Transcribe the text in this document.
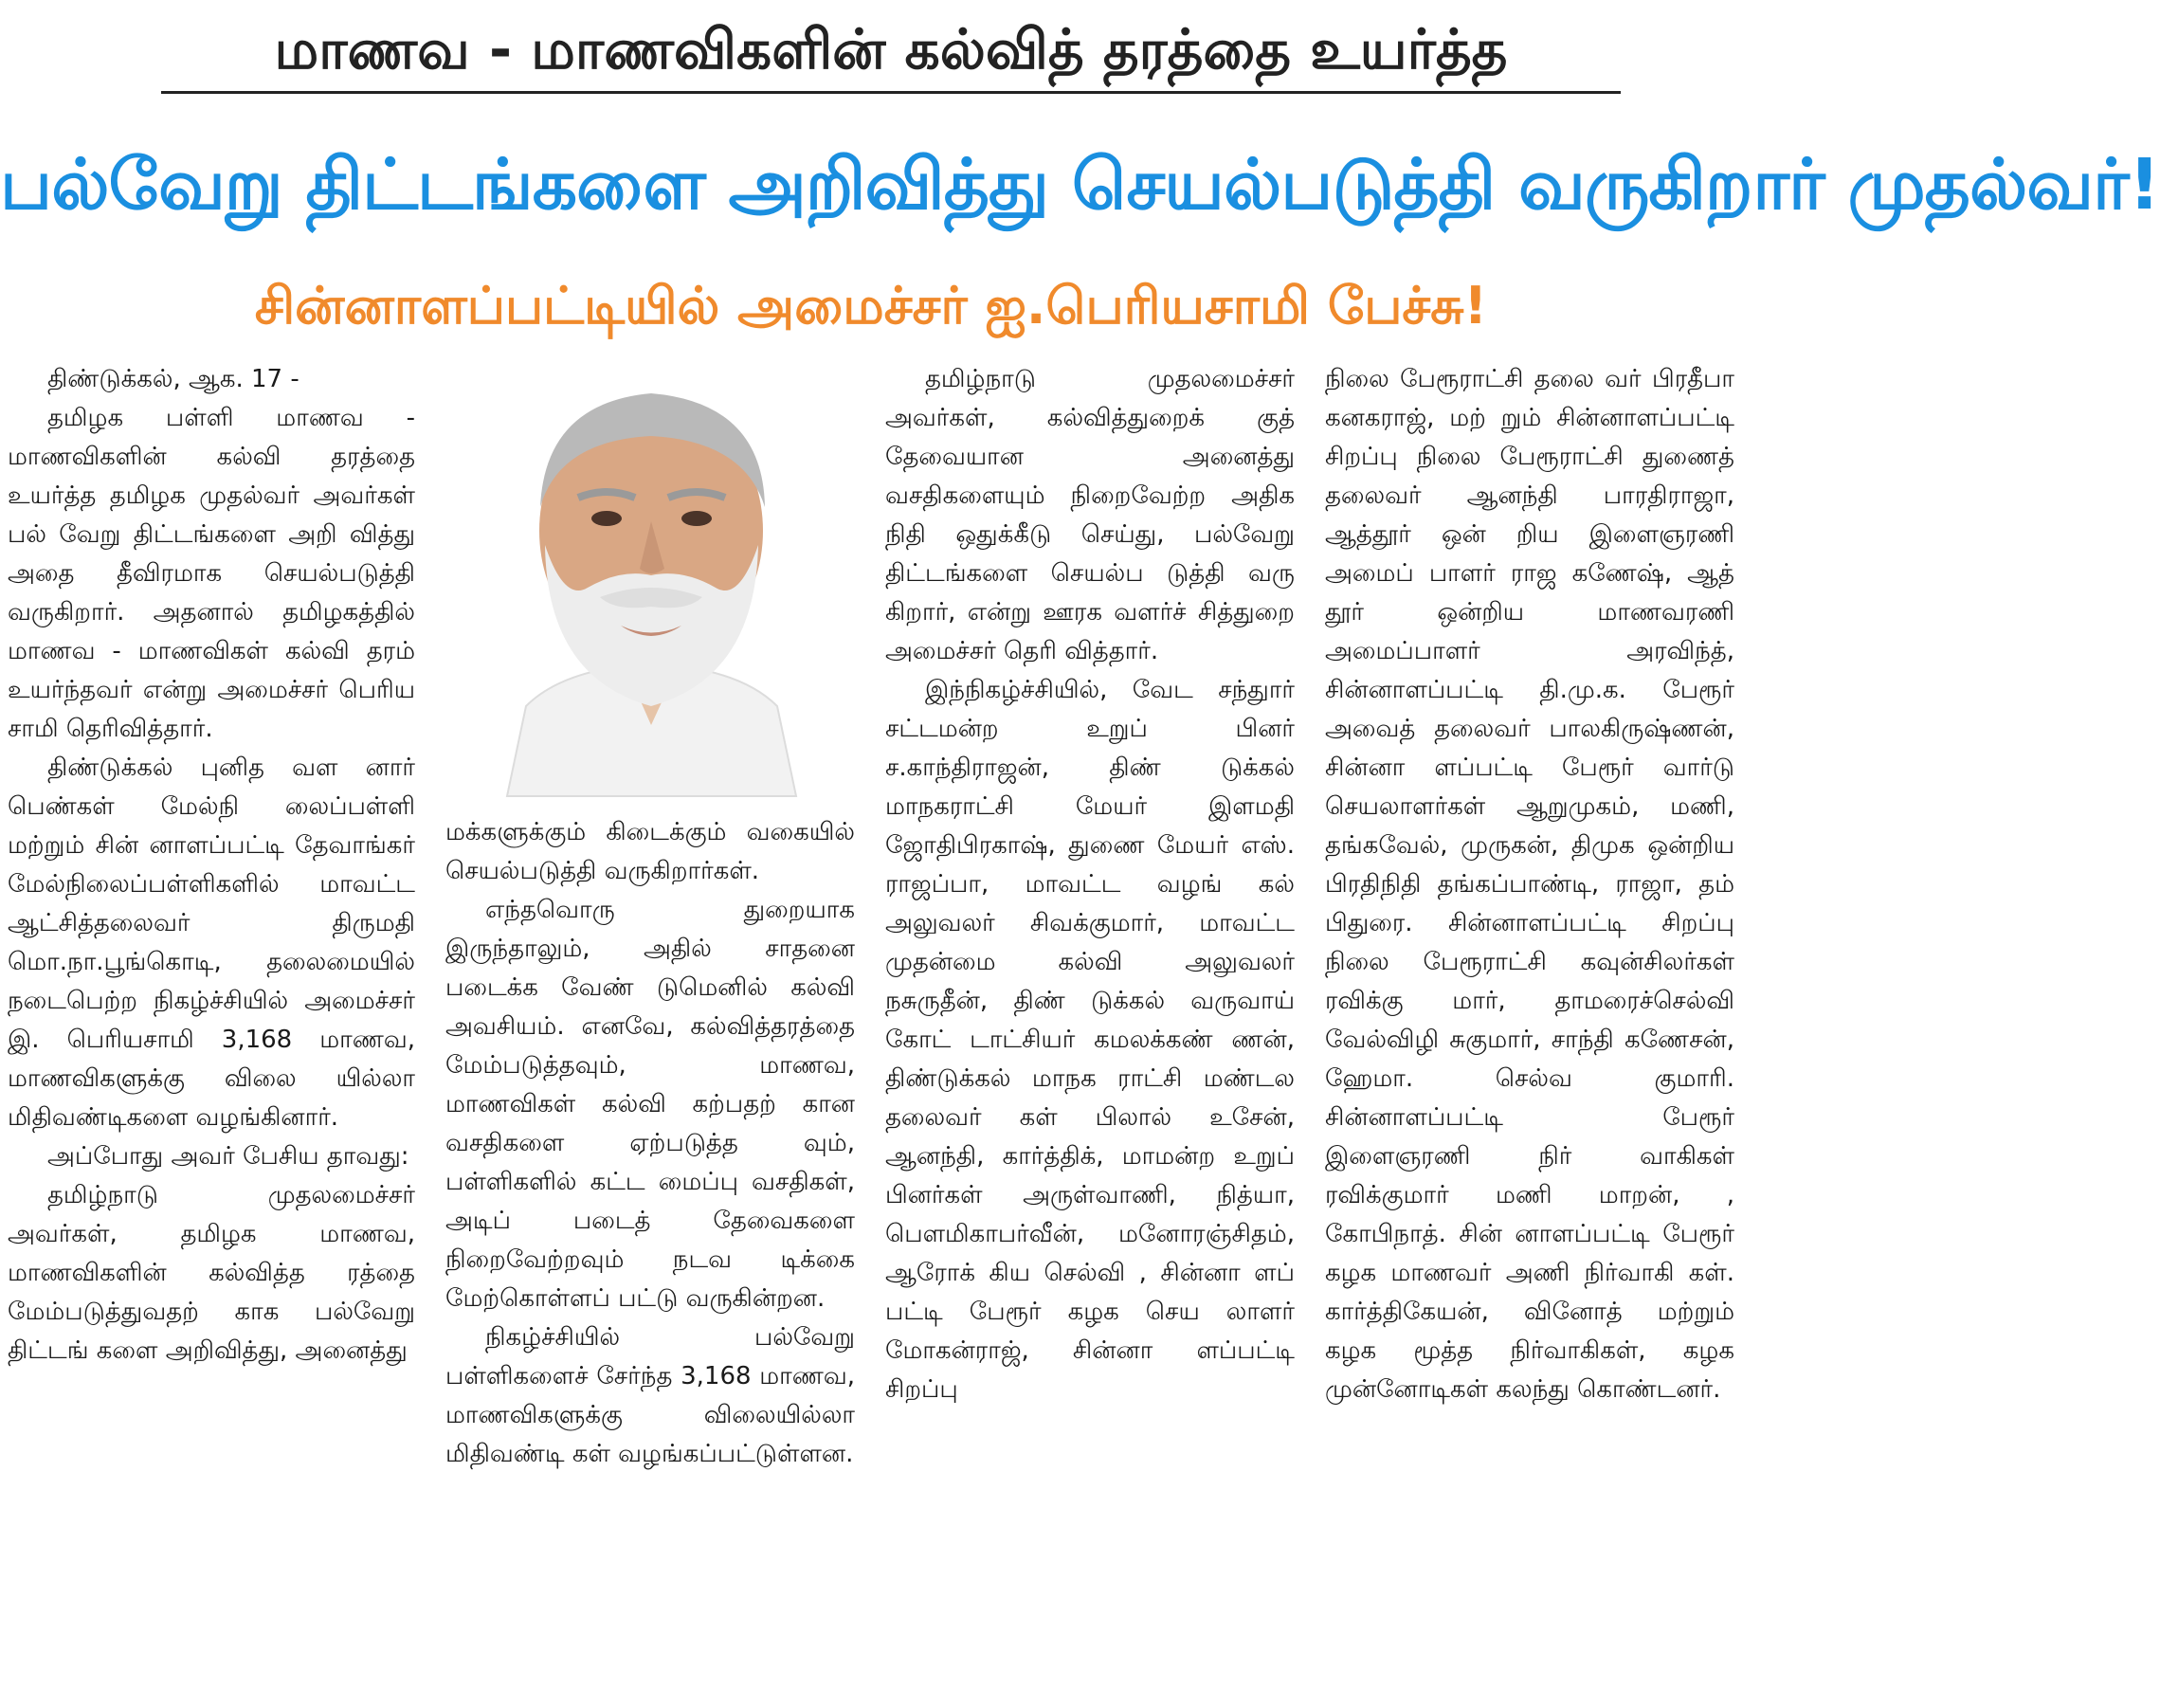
மாணவ - மாணவிகளின் கல்வித் தரத்தை உயர்த்த
பல்வேறு திட்டங்களை அறிவித்து செயல்படுத்தி வருகிறார் முதல்வர்!
சின்னாளப்பட்டியில் அமைச்சர் ஐ.பெரியசாமி பேச்சு!

திண்டுக்கல், ஆக. 17 -

தமிழக பள்ளி மாணவ - மாணவிகளின் கல்வி தரத்தை உயர்த்த தமிழக முதல்வர் அவர்கள் பல் வேறு திட்டங்களை அறி வித்து அதை தீவிரமாக செயல்படுத்தி வருகிறார். அதனால் தமிழகத்தில் மாணவ - மாணவிகள் கல்வி தரம் உயர்ந்தவர் என்று அமைச்சர் பெரிய சாமி தெரிவித்தார்.

திண்டுக்கல் புனித வள னார் பெண்கள் மேல்நி லைப்பள்ளி மற்றும் சின் னாளப்பட்டி தேவாங்கர் மேல்நிலைப்பள்ளிகளில் மாவட்ட ஆட்சித்தலைவர் திருமதி மொ.நா.பூங்கொடி, தலைமையில் நடைபெற்ற நிகழ்ச்சியில் அமைச்சர் இ. பெரியசாமி 3,168 மாணவ, மாணவிகளுக்கு விலை யில்லா மிதிவண்டிகளை வழங்கினார்.

அப்போது அவர் பேசிய தாவது:

தமிழ்நாடு முதலமைச்சர் அவர்கள், தமிழக மாணவ, மாணவிகளின் கல்வித்த ரத்தை மேம்படுத்துவதற் காக பல்வேறு திட்டங் களை அறிவித்து, அனைத்து

மக்களுக்கும் கிடைக்கும் வகையில் செயல்படுத்தி வருகிறார்கள்.

எந்தவொரு துறையாக இருந்தாலும், அதில் சாதனை படைக்க வேண் டுமெனில் கல்வி அவசியம். எனவே, கல்வித்தரத்தை மேம்படுத்தவும், மாணவ, மாணவிகள் கல்வி கற்பதற் கான வசதிகளை ஏற்படுத்த வும், பள்ளிகளில் கட்ட மைப்பு வசதிகள், அடிப் படைத் தேவைகளை நிறைவேற்றவும் நடவ டிக்கை மேற்கொள்ளப் பட்டு வருகின்றன.

நிகழ்ச்சியில் பல்வேறு பள்ளிகளைச் சேர்ந்த 3,168 மாணவ, மாணவிகளுக்கு விலையில்லா மிதிவண்டி கள் வழங்கப்பட்டுள்ளன.

தமிழ்நாடு முதலமைச்சர் அவர்கள், கல்வித்துறைக் குத் தேவையான அனைத்து வசதிகளையும் நிறைவேற்ற அதிக நிதி ஒதுக்கீடு செய்து, பல்வேறு திட்டங்களை செயல்ப டுத்தி வரு கிறார், என்று ஊரக வளர்ச் சித்துறை அமைச்சர் தெரி வித்தார்.

இந்நிகழ்ச்சியில், வேட சந்துார் சட்டமன்ற உறுப் பினர் ச.காந்திராஜன், திண் டுக்கல் மாநகராட்சி மேயர் இளமதி ஜோதிபிரகாஷ், துணை மேயர் எஸ். ராஜப்பா, மாவட்ட வழங் கல் அலுவலர் சிவக்குமார், மாவட்ட முதன்மை கல்வி அலுவலர் நசுருதீன், திண் டுக்கல் வருவாய் கோட் டாட்சியர் கமலக்கண் ணன், திண்டுக்கல் மாநக ராட்சி மண்டல தலைவர் கள் பிலால் உசேன், ஆனந்தி, கார்த்திக், மாமன்ற உறுப் பினர்கள் அருள்வாணி, நித்யா, பௌமிகாபர்வீன், மனோரஞ்சிதம், ஆரோக் கிய செல்வி , சின்னா ளப் பட்டி பேரூர் கழக செய லாளர் மோகன்ராஜ், சின்னா ளப்பட்டி சிறப்பு

நிலை பேரூராட்சி தலை வர் பிரதீபா கனகராஜ், மற் றும் சின்னாளப்பட்டி சிறப்பு நிலை பேரூராட்சி துணைத் தலைவர் ஆனந்தி பாரதிராஜா, ஆத்தூர் ஒன் றிய இளைஞரணி அமைப் பாளர் ராஜ கணேஷ், ஆத் தூர் ஒன்றிய மாணவரணி அமைப்பாளர் அரவிந்த், சின்னாளப்பட்டி தி.மு.க. பேரூர் அவைத் தலைவர் பாலகிருஷ்ணன், சின்னா ளப்பட்டி பேரூர் வார்டு செயலாளர்கள் ஆறுமுகம், மணி, தங்கவேல், முருகன், திமுக ஒன்றிய பிரதிநிதி தங்கப்பாண்டி, ராஜா, தம் பிதுரை. சின்னாளப்பட்டி சிறப்பு நிலை பேரூராட்சி கவுன்சிலர்கள் ரவிக்கு மார், தாமரைச்செல்வி வேல்விழி சுகுமார், சாந்தி கணேசன், ஹேமா. செல்வ குமாரி. சின்னாளப்பட்டி பேரூர் இளைஞரணி நிர் வாகிகள் ரவிக்குமார் மணி மாறன், , கோபிநாத். சின் னாளப்பட்டி பேரூர் கழக மாணவர் அணி நிர்வாகி கள். கார்த்திகேயன், வினோத் மற்றும் கழக மூத்த நிர்வாகிகள், கழக முன்னோடிகள் கலந்து கொண்டனர்.
